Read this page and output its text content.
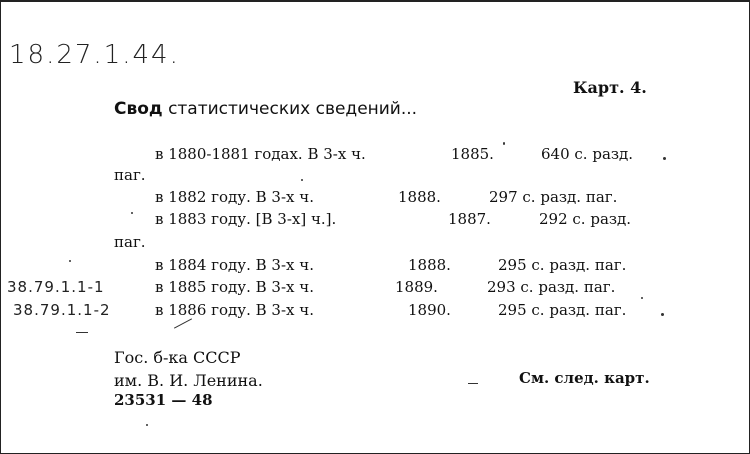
18.27.1.44.
38.79.1.1-1
38.79.1.1-2
Карт. 4.
Свод статистических сведений...
в 1880-1881 годах. В 3-х ч.	1885.	640 с. разд.
паг.
в 1882 году. В 3-х ч.	1888.	297 с. разд. паг.
в 1883 году. [В 3-х] ч.].	1887.	292 с. разд.
паг.
в 1884 году. В 3-х ч.	1888.	295 с. разд. паг.
в 1885 году. В 3-х ч.	1889.	293 с. разд. паг.
в 1886 году. В 3-х ч.	1890.	295 с. разд. паг.
Гос. б-ка СССР
им. В. И. Ленина.
23531 — 48
См. след. карт.
